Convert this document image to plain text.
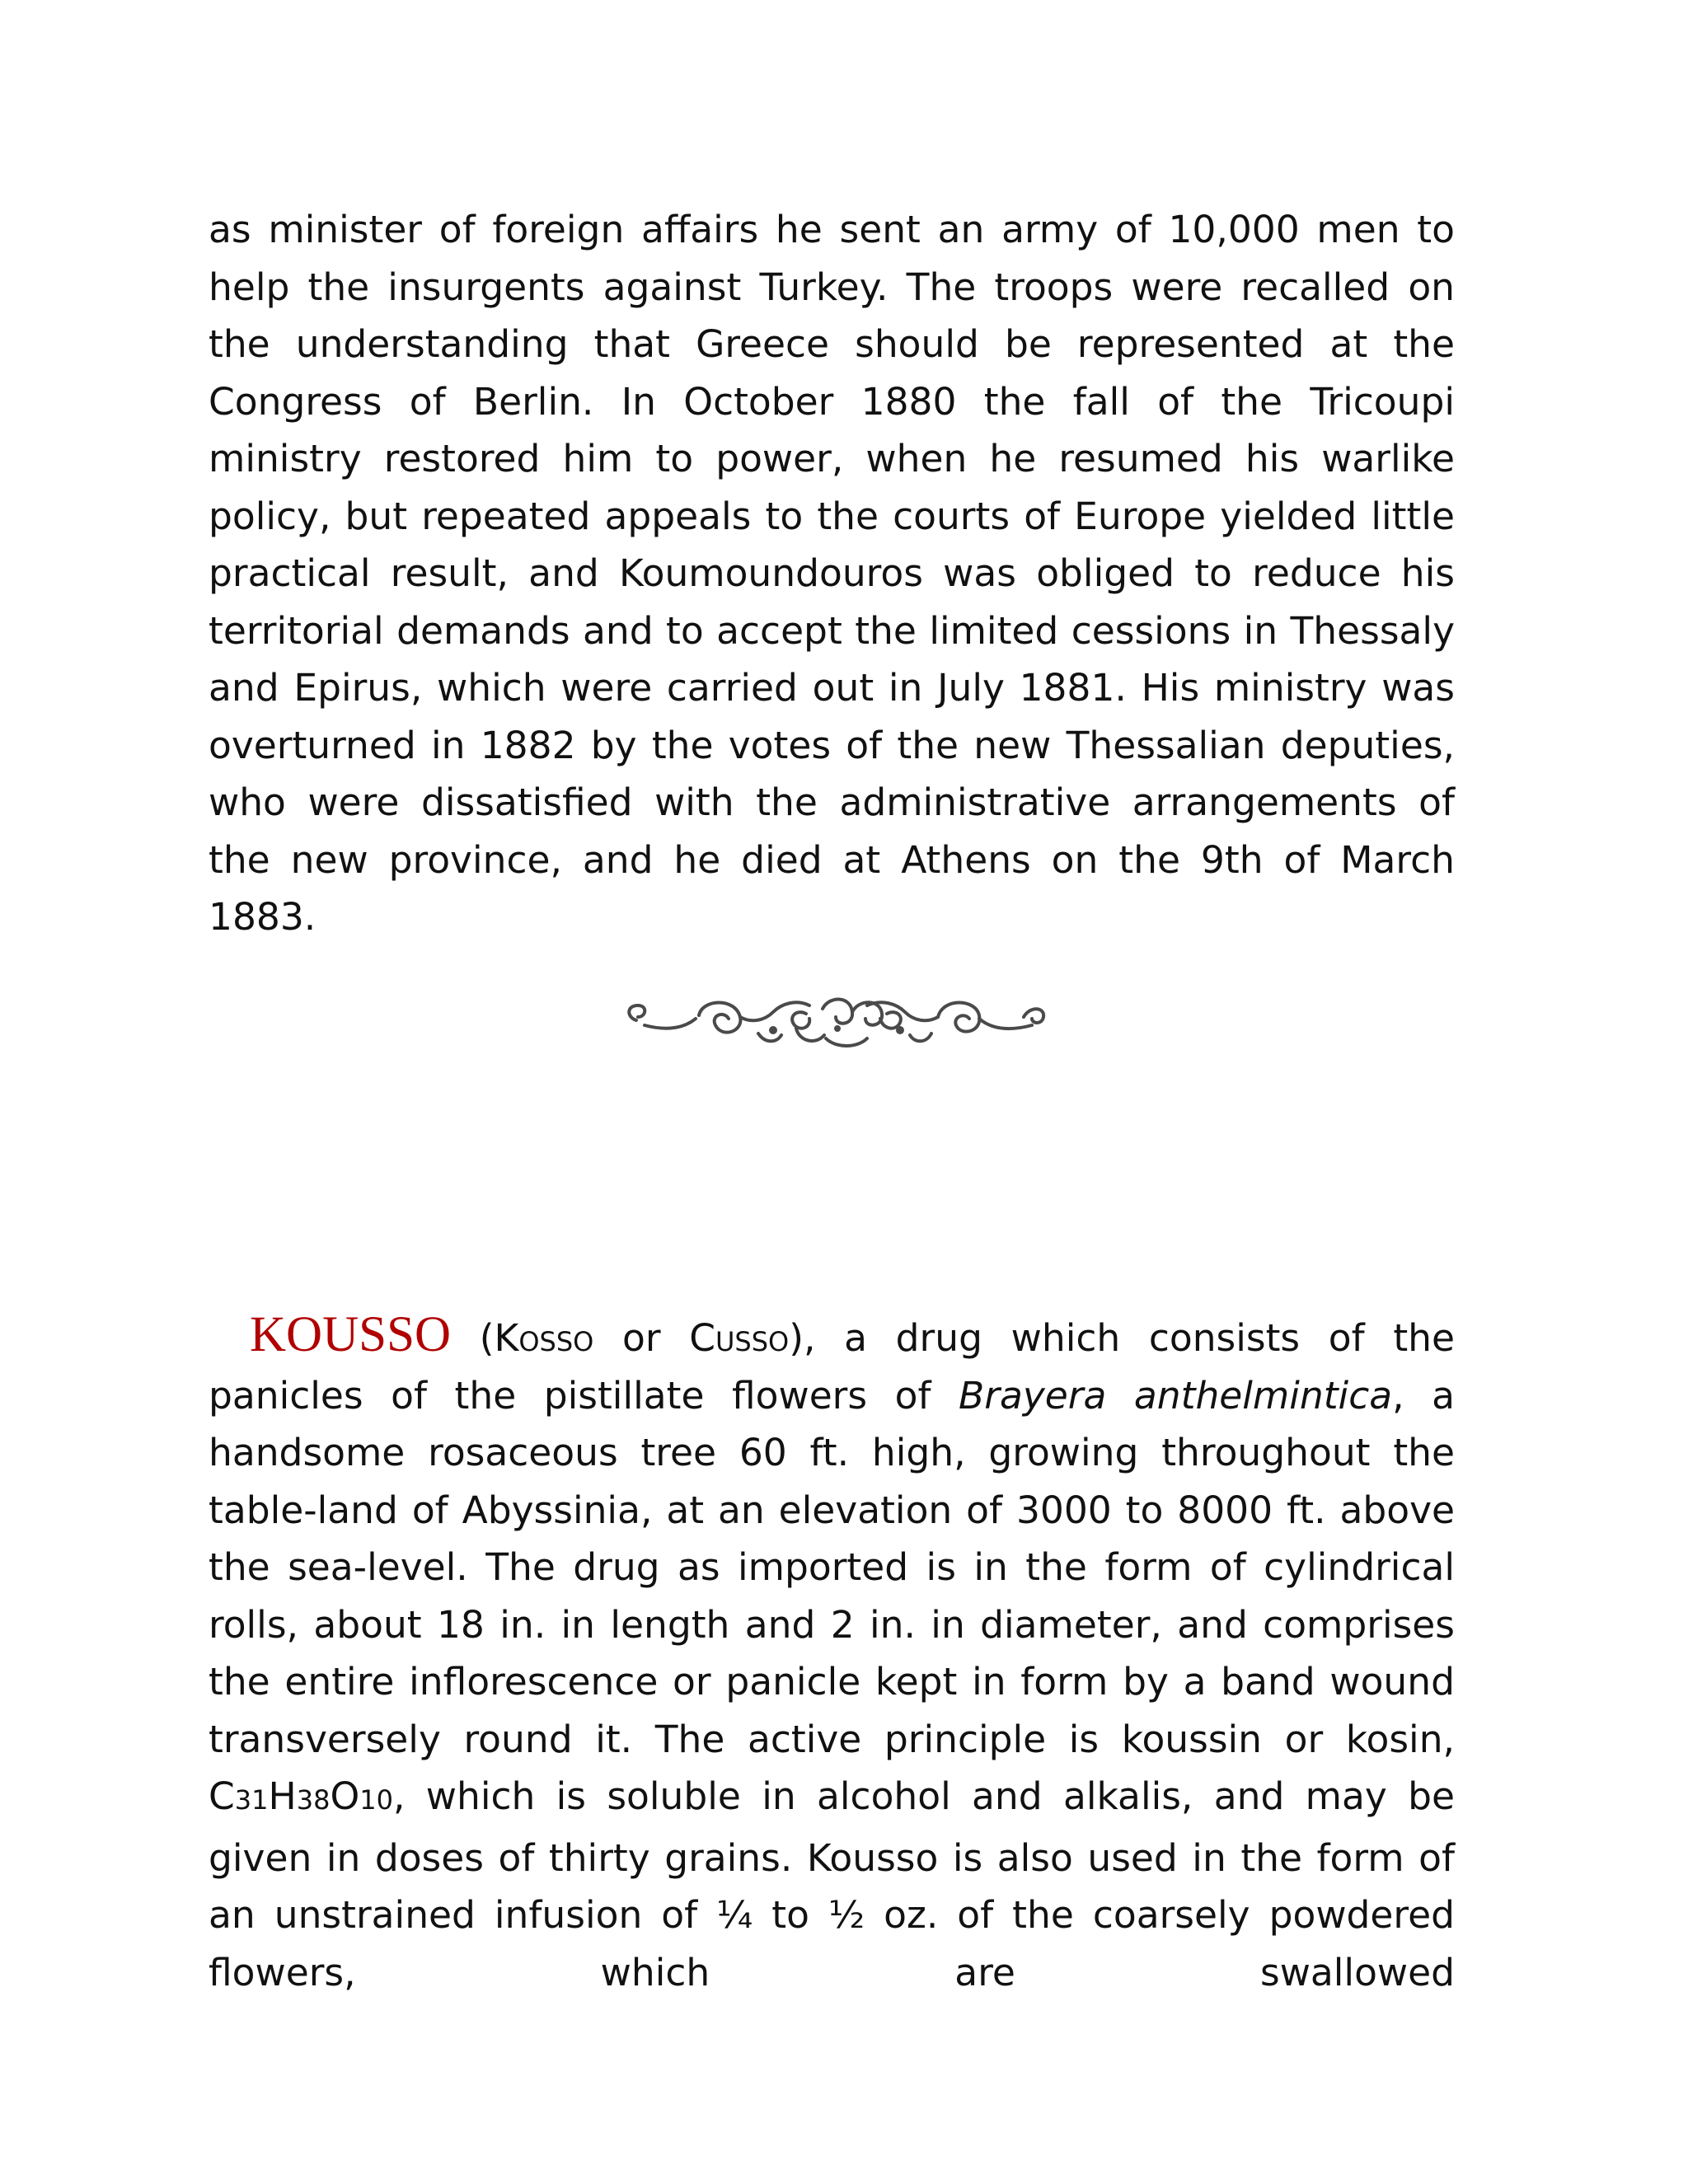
as minister of foreign affairs he sent an army of 10,000 men to help the insurgents against Turkey. The troops were recalled on the understanding that Greece should be represented at the Congress of Berlin. In October 1880 the fall of the Tricoupi ministry restored him to power, when he resumed his warlike policy, but repeated appeals to the courts of Europe yielded little practical result, and Koumoundouros was obliged to reduce his territorial demands and to accept the limited cessions in Thessaly and Epirus, which were carried out in July 1881. His ministry was overturned in 1882 by the votes of the new Thessalian deputies, who were dissatisfied with the administrative arrangements of the new province, and he died at Athens on the 9th of March 1883.

KOUSSO (Kosso or Cusso), a drug which consists of the panicles of the pistillate flowers of Brayera anthelmintica, a handsome rosaceous tree 60 ft. high, growing throughout the table-land of Abyssinia, at an elevation of 3000 to 8000 ft. above the sea-level. The drug as imported is in the form of cylindrical rolls, about 18 in. in length and 2 in. in diameter, and comprises the entire inflorescence or panicle kept in form by a band wound transversely round it. The active principle is koussin or kosin, C31H38O10, which is soluble in alcohol and alkalis, and may be given in doses of thirty grains. Kousso is also used in the form of an unstrained infusion of ¼ to ½ oz. of the coarsely powdered flowers, which are swallowed
